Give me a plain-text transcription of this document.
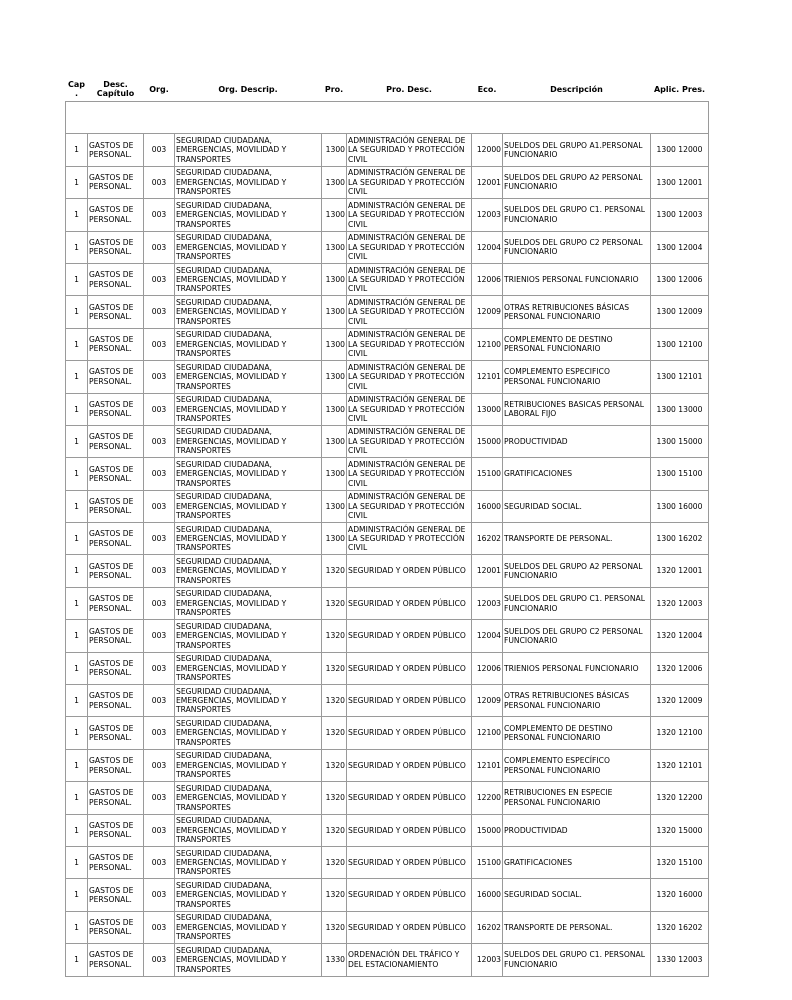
Cap .	Desc. Capítulo	Org.	Org. Descrip.	Pro.	Pro. Desc.	Eco.	Descripción	Aplic. Pres.

1	GASTOS DE PERSONAL.	003	SEGURIDAD CIUDADANA, EMERGENCIAS, MOVILIDAD Y TRANSPORTES	1300	ADMINISTRACIÓN GENERAL DE LA SEGURIDAD Y PROTECCIÓN CIVIL	12000	SUELDOS DEL GRUPO A1.PERSONAL FUNCIONARIO	1300 12000
1	GASTOS DE PERSONAL.	003	SEGURIDAD CIUDADANA, EMERGENCIAS, MOVILIDAD Y TRANSPORTES	1300	ADMINISTRACIÓN GENERAL DE LA SEGURIDAD Y PROTECCIÓN CIVIL	12001	SUELDOS DEL GRUPO A2 PERSONAL FUNCIONARIO	1300 12001
1	GASTOS DE PERSONAL.	003	SEGURIDAD CIUDADANA, EMERGENCIAS, MOVILIDAD Y TRANSPORTES	1300	ADMINISTRACIÓN GENERAL DE LA SEGURIDAD Y PROTECCIÓN CIVIL	12003	SUELDOS DEL GRUPO C1. PERSONAL FUNCIONARIO	1300 12003
1	GASTOS DE PERSONAL.	003	SEGURIDAD CIUDADANA, EMERGENCIAS, MOVILIDAD Y TRANSPORTES	1300	ADMINISTRACIÓN GENERAL DE LA SEGURIDAD Y PROTECCIÓN CIVIL	12004	SUELDOS DEL GRUPO C2 PERSONAL FUNCIONARIO	1300 12004
1	GASTOS DE PERSONAL.	003	SEGURIDAD CIUDADANA, EMERGENCIAS, MOVILIDAD Y TRANSPORTES	1300	ADMINISTRACIÓN GENERAL DE LA SEGURIDAD Y PROTECCIÓN CIVIL	12006	TRIENIOS PERSONAL FUNCIONARIO	1300 12006
1	GASTOS DE PERSONAL.	003	SEGURIDAD CIUDADANA, EMERGENCIAS, MOVILIDAD Y TRANSPORTES	1300	ADMINISTRACIÓN GENERAL DE LA SEGURIDAD Y PROTECCIÓN CIVIL	12009	OTRAS RETRIBUCIONES BÁSICAS PERSONAL FUNCIONARIO	1300 12009
1	GASTOS DE PERSONAL.	003	SEGURIDAD CIUDADANA, EMERGENCIAS, MOVILIDAD Y TRANSPORTES	1300	ADMINISTRACIÓN GENERAL DE LA SEGURIDAD Y PROTECCIÓN CIVIL	12100	COMPLEMENTO DE DESTINO PERSONAL FUNCIONARIO	1300 12100
1	GASTOS DE PERSONAL.	003	SEGURIDAD CIUDADANA, EMERGENCIAS, MOVILIDAD Y TRANSPORTES	1300	ADMINISTRACIÓN GENERAL DE LA SEGURIDAD Y PROTECCIÓN CIVIL	12101	COMPLEMENTO ESPECIFICO PERSONAL FUNCIONARIO	1300 12101
1	GASTOS DE PERSONAL.	003	SEGURIDAD CIUDADANA, EMERGENCIAS, MOVILIDAD Y TRANSPORTES	1300	ADMINISTRACIÓN GENERAL DE LA SEGURIDAD Y PROTECCIÓN CIVIL	13000	RETRIBUCIONES BASICAS PERSONAL LABORAL FIJO	1300 13000
1	GASTOS DE PERSONAL.	003	SEGURIDAD CIUDADANA, EMERGENCIAS, MOVILIDAD Y TRANSPORTES	1300	ADMINISTRACIÓN GENERAL DE LA SEGURIDAD Y PROTECCIÓN CIVIL	15000	PRODUCTIVIDAD	1300 15000
1	GASTOS DE PERSONAL.	003	SEGURIDAD CIUDADANA, EMERGENCIAS, MOVILIDAD Y TRANSPORTES	1300	ADMINISTRACIÓN GENERAL DE LA SEGURIDAD Y PROTECCIÓN CIVIL	15100	GRATIFICACIONES	1300 15100
1	GASTOS DE PERSONAL.	003	SEGURIDAD CIUDADANA, EMERGENCIAS, MOVILIDAD Y TRANSPORTES	1300	ADMINISTRACIÓN GENERAL DE LA SEGURIDAD Y PROTECCIÓN CIVIL	16000	SEGURIDAD SOCIAL.	1300 16000
1	GASTOS DE PERSONAL.	003	SEGURIDAD CIUDADANA, EMERGENCIAS, MOVILIDAD Y TRANSPORTES	1300	ADMINISTRACIÓN GENERAL DE LA SEGURIDAD Y PROTECCIÓN CIVIL	16202	TRANSPORTE DE PERSONAL.	1300 16202
1	GASTOS DE PERSONAL.	003	SEGURIDAD CIUDADANA, EMERGENCIAS, MOVILIDAD Y TRANSPORTES	1320	SEGURIDAD Y ORDEN PÚBLICO	12001	SUELDOS DEL GRUPO A2 PERSONAL FUNCIONARIO	1320 12001
1	GASTOS DE PERSONAL.	003	SEGURIDAD CIUDADANA, EMERGENCIAS, MOVILIDAD Y TRANSPORTES	1320	SEGURIDAD Y ORDEN PÚBLICO	12003	SUELDOS DEL GRUPO C1. PERSONAL FUNCIONARIO	1320 12003
1	GASTOS DE PERSONAL.	003	SEGURIDAD CIUDADANA, EMERGENCIAS, MOVILIDAD Y TRANSPORTES	1320	SEGURIDAD Y ORDEN PÚBLICO	12004	SUELDOS DEL GRUPO C2 PERSONAL FUNCIONARIO	1320 12004
1	GASTOS DE PERSONAL.	003	SEGURIDAD CIUDADANA, EMERGENCIAS, MOVILIDAD Y TRANSPORTES	1320	SEGURIDAD Y ORDEN PÚBLICO	12006	TRIENIOS PERSONAL FUNCIONARIO	1320 12006
1	GASTOS DE PERSONAL.	003	SEGURIDAD CIUDADANA, EMERGENCIAS, MOVILIDAD Y TRANSPORTES	1320	SEGURIDAD Y ORDEN PÚBLICO	12009	OTRAS RETRIBUCIONES BÁSICAS PERSONAL FUNCIONARIO	1320 12009
1	GASTOS DE PERSONAL.	003	SEGURIDAD CIUDADANA, EMERGENCIAS, MOVILIDAD Y TRANSPORTES	1320	SEGURIDAD Y ORDEN PÚBLICO	12100	COMPLEMENTO DE DESTINO PERSONAL FUNCIONARIO	1320 12100
1	GASTOS DE PERSONAL.	003	SEGURIDAD CIUDADANA, EMERGENCIAS, MOVILIDAD Y TRANSPORTES	1320	SEGURIDAD Y ORDEN PÚBLICO	12101	COMPLEMENTO ESPECÍFICO PERSONAL FUNCIONARIO	1320 12101
1	GASTOS DE PERSONAL.	003	SEGURIDAD CIUDADANA, EMERGENCIAS, MOVILIDAD Y TRANSPORTES	1320	SEGURIDAD Y ORDEN PÚBLICO	12200	RETRIBUCIONES EN ESPECIE PERSONAL FUNCIONARIO	1320 12200
1	GASTOS DE PERSONAL.	003	SEGURIDAD CIUDADANA, EMERGENCIAS, MOVILIDAD Y TRANSPORTES	1320	SEGURIDAD Y ORDEN PÚBLICO	15000	PRODUCTIVIDAD	1320 15000
1	GASTOS DE PERSONAL.	003	SEGURIDAD CIUDADANA, EMERGENCIAS, MOVILIDAD Y TRANSPORTES	1320	SEGURIDAD Y ORDEN PÚBLICO	15100	GRATIFICACIONES	1320 15100
1	GASTOS DE PERSONAL.	003	SEGURIDAD CIUDADANA, EMERGENCIAS, MOVILIDAD Y TRANSPORTES	1320	SEGURIDAD Y ORDEN PÚBLICO	16000	SEGURIDAD SOCIAL.	1320 16000
1	GASTOS DE PERSONAL.	003	SEGURIDAD CIUDADANA, EMERGENCIAS, MOVILIDAD Y TRANSPORTES	1320	SEGURIDAD Y ORDEN PÚBLICO	16202	TRANSPORTE DE PERSONAL.	1320 16202
1	GASTOS DE PERSONAL.	003	SEGURIDAD CIUDADANA, EMERGENCIAS, MOVILIDAD Y TRANSPORTES	1330	ORDENACIÓN DEL TRÁFICO Y DEL ESTACIONAMIENTO	12003	SUELDOS DEL GRUPO C1. PERSONAL FUNCIONARIO	1330 12003
